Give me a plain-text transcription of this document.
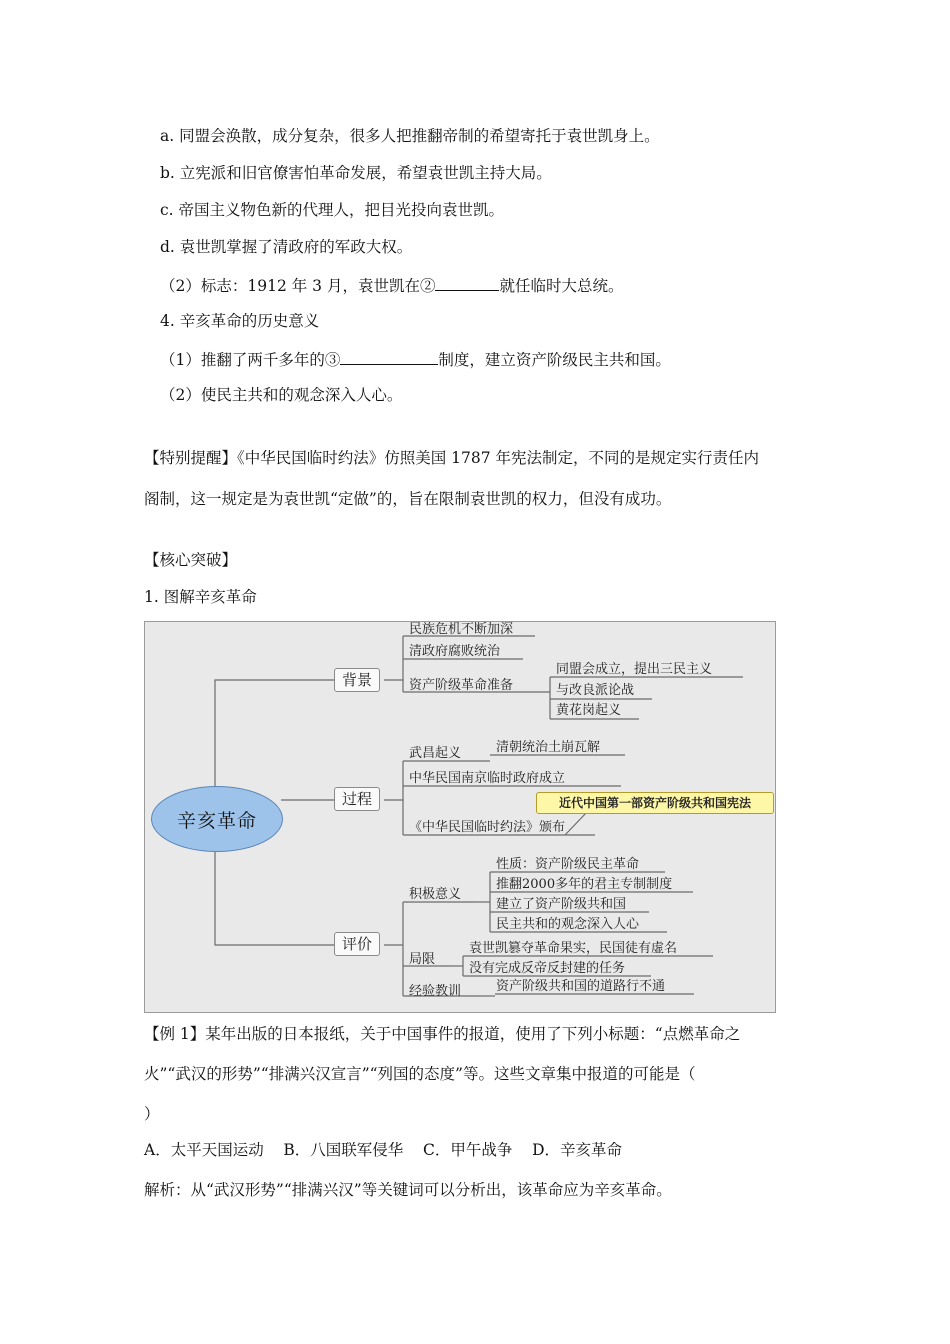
a. 同盟会涣散，成分复杂，很多人把推翻帝制的希望寄托于袁世凯身上。
b. 立宪派和旧官僚害怕革命发展，希望袁世凯主持大局。
c. 帝国主义物色新的代理人，把目光投向袁世凯。
d. 袁世凯掌握了清政府的军政大权。
（2）标志：1912 年 3 月，袁世凯在②	就任临时大总统。
4. 辛亥革命的历史意义
（1）推翻了两千多年的③	制度，建立资产阶级民主共和国。
（2）使民主共和的观念深入人心。
【特别提醒】《中华民国临时约法》仿照美国 1787 年宪法制定，不同的是规定实行责任内
阁制，这一规定是为袁世凯“定做”的，旨在限制袁世凯的权力，但没有成功。
【核心突破】
1. 图解辛亥革命
辛亥革命
背景
民族危机不断加深
清政府腐败统治
资产阶级革命准备
同盟会成立，提出三民主义
与改良派论战
黄花岗起义
过程
武昌起义	清朝统治土崩瓦解
中华民国南京临时政府成立
《中华民国临时约法》颁布
近代中国第一部资产阶级共和国宪法
评价
积极意义
性质：资产阶级民主革命
推翻2000多年的君主专制制度
建立了资产阶级共和国
民主共和的观念深入人心
局限
袁世凯篡夺革命果实，民国徒有虚名
没有完成反帝反封建的任务
经验教训	资产阶级共和国的道路行不通
【例 1】某年出版的日本报纸，关于中国事件的报道，使用了下列小标题：“点燃革命之
火”“武汉的形势”“排满兴汉宣言”“列国的态度”等。这些文章集中报道的可能是（
）
A．太平天国运动    B．八国联军侵华    C．甲午战争    D．辛亥革命
解析：从“武汉形势”“排满兴汉”等关键词可以分析出，该革命应为辛亥革命。
